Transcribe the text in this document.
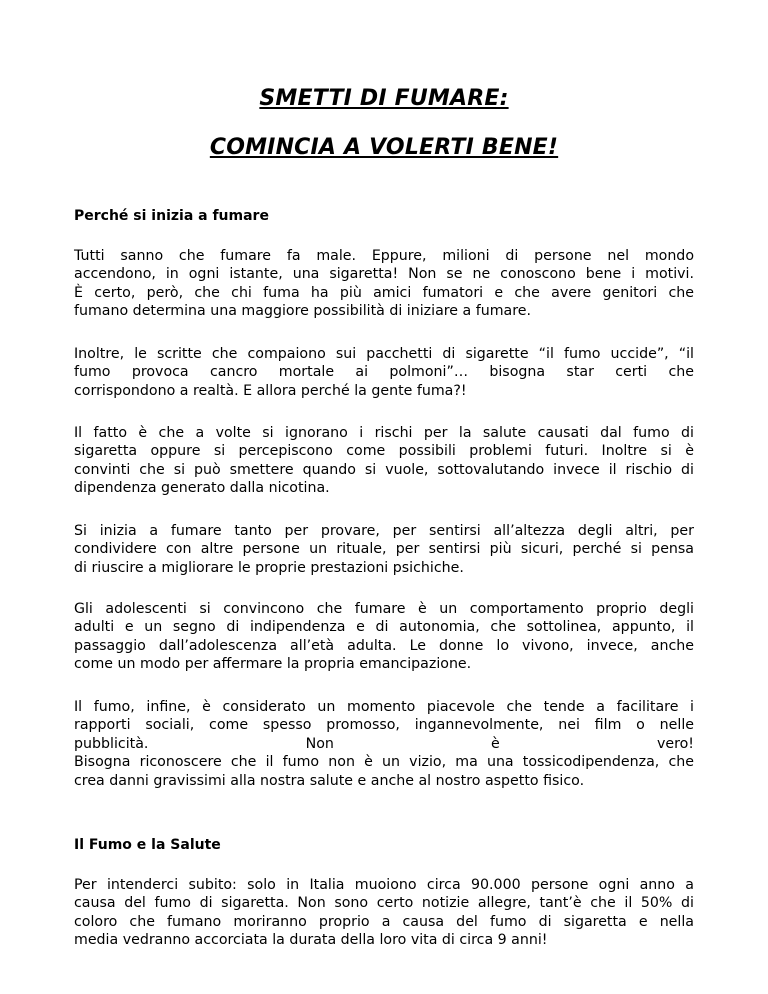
SMETTI DI FUMARE:
COMINCIA A VOLERTI BENE!
Perché si inizia a fumare

Tutti sanno che fumare fa male. Eppure, milioni di persone nel mondo
accendono, in ogni istante, una sigaretta! Non se ne conoscono bene i motivi.
È certo, però, che chi fuma ha più amici fumatori e che avere genitori che
fumano determina una maggiore possibilità di iniziare a fumare.

Inoltre, le scritte che compaiono sui pacchetti di sigarette “il fumo uccide”, “il
fumo provoca cancro mortale ai polmoni”… bisogna star certi che
corrispondono a realtà. E allora perché la gente fuma?!

Il fatto è che a volte si ignorano i rischi per la salute causati dal fumo di
sigaretta oppure si percepiscono come possibili problemi futuri. Inoltre si è
convinti che si può smettere quando si vuole, sottovalutando invece il rischio di
dipendenza generato dalla nicotina.

Si inizia a fumare tanto per provare, per sentirsi all’altezza degli altri, per
condividere con altre persone un rituale, per sentirsi più sicuri, perché si pensa
di riuscire a migliorare le proprie prestazioni psichiche.

Gli adolescenti si convincono che fumare è un comportamento proprio degli
adulti e un segno di indipendenza e di autonomia, che sottolinea, appunto, il
passaggio dall’adolescenza all’età adulta. Le donne lo vivono, invece, anche
come un modo per affermare la propria emancipazione.

Il fumo, infine, è considerato un momento piacevole che tende a facilitare i
rapporti sociali, come spesso promosso, ingannevolmente, nei film o nelle
pubblicità.	Non	è	vero!
Bisogna riconoscere che il fumo non è un vizio, ma una tossicodipendenza, che
crea danni gravissimi alla nostra salute e anche al nostro aspetto fisico.

Il Fumo e la Salute

Per intenderci subito: solo in Italia muoiono circa 90.000 persone ogni anno a
causa del fumo di sigaretta. Non sono certo notizie allegre, tant’è che il 50% di
coloro che fumano moriranno proprio a causa del fumo di sigaretta e nella
media vedranno accorciata la durata della loro vita di circa 9 anni!
